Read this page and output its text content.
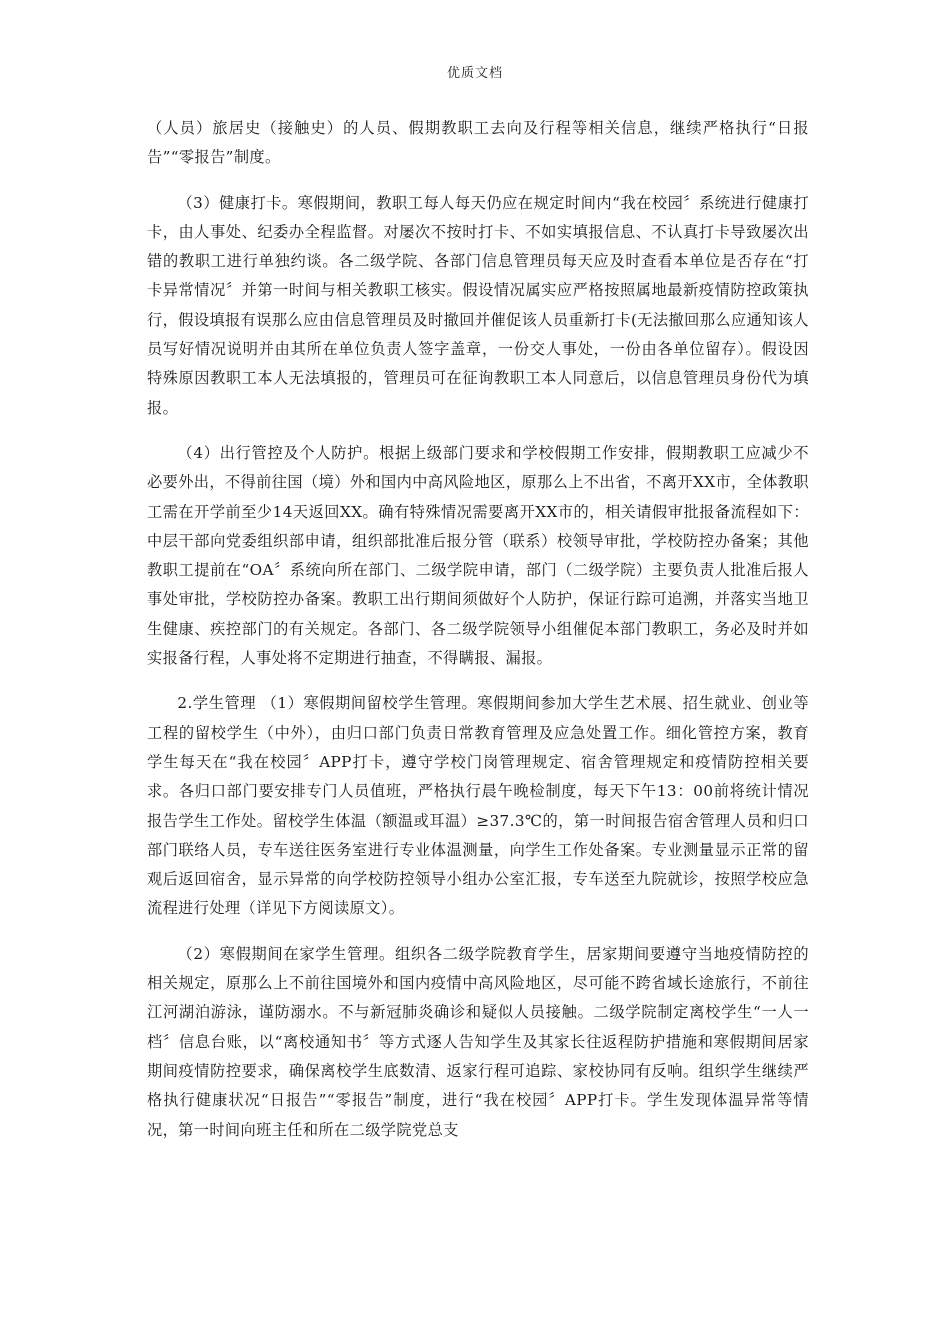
优质文档

（人员）旅居史（接触史）的人员、假期教职工去向及行程等相关信息，继续严格执行“日报告”“零报告”制度。

（3）健康打卡。寒假期间，教职工每人每天仍应在规定时间内“我在校园〞系统进行健康打卡，由人事处、纪委办全程监督。对屡次不按时打卡、不如实填报信息、不认真打卡导致屡次出错的教职工进行单独约谈。各二级学院、各部门信息管理员每天应及时查看本单位是否存在“打卡异常情况〞并第一时间与相关教职工核实。假设情况属实应严格按照属地最新疫情防控政策执行，假设填报有误那么应由信息管理员及时撤回并催促该人员重新打卡(无法撤回那么应通知该人员写好情况说明并由其所在单位负责人签字盖章，一份交人事处，一份由各单位留存）。假设因特殊原因教职工本人无法填报的，管理员可在征询教职工本人同意后，以信息管理员身份代为填报。

（4）出行管控及个人防护。根据上级部门要求和学校假期工作安排，假期教职工应减少不必要外出，不得前往国（境）外和国内中高风险地区，原那么上不出省，不离开XX市，全体教职工需在开学前至少14天返回XX。确有特殊情况需要离开XX市的，相关请假审批报备流程如下：中层干部向党委组织部申请，组织部批准后报分管（联系）校领导审批，学校防控办备案；其他教职工提前在“OA〞系统向所在部门、二级学院申请，部门（二级学院）主要负责人批准后报人事处审批，学校防控办备案。教职工出行期间须做好个人防护，保证行踪可追溯，并落实当地卫生健康、疾控部门的有关规定。各部门、各二级学院领导小组催促本部门教职工，务必及时并如实报备行程，人事处将不定期进行抽查，不得瞒报、漏报。

2.学生管理 （1）寒假期间留校学生管理。寒假期间参加大学生艺术展、招生就业、创业等工程的留校学生（中外），由归口部门负责日常教育管理及应急处置工作。细化管控方案，教育学生每天在“我在校园〞APP打卡，遵守学校门岗管理规定、宿舍管理规定和疫情防控相关要求。各归口部门要安排专门人员值班，严格执行晨午晚检制度，每天下午13：00前将统计情况报告学生工作处。留校学生体温（额温或耳温）≥37.3℃的，第一时间报告宿舍管理人员和归口部门联络人员，专车送往医务室进行专业体温测量，向学生工作处备案。专业测量显示正常的留观后返回宿舍，显示异常的向学校防控领导小组办公室汇报，专车送至九院就诊，按照学校应急流程进行处理（详见下方阅读原文）。

（2）寒假期间在家学生管理。组织各二级学院教育学生，居家期间要遵守当地疫情防控的相关规定，原那么上不前往国境外和国内疫情中高风险地区，尽可能不跨省域长途旅行，不前往江河湖泊游泳，谨防溺水。不与新冠肺炎确诊和疑似人员接触。二级学院制定离校学生“一人一档〞信息台账，以“离校通知书〞等方式逐人告知学生及其家长往返程防护措施和寒假期间居家期间疫情防控要求，确保离校学生底数清、返家行程可追踪、家校协同有反响。组织学生继续严格执行健康状况“日报告”“零报告”制度，进行“我在校园〞APP打卡。学生发现体温异常等情况，第一时间向班主任和所在二级学院党总支
